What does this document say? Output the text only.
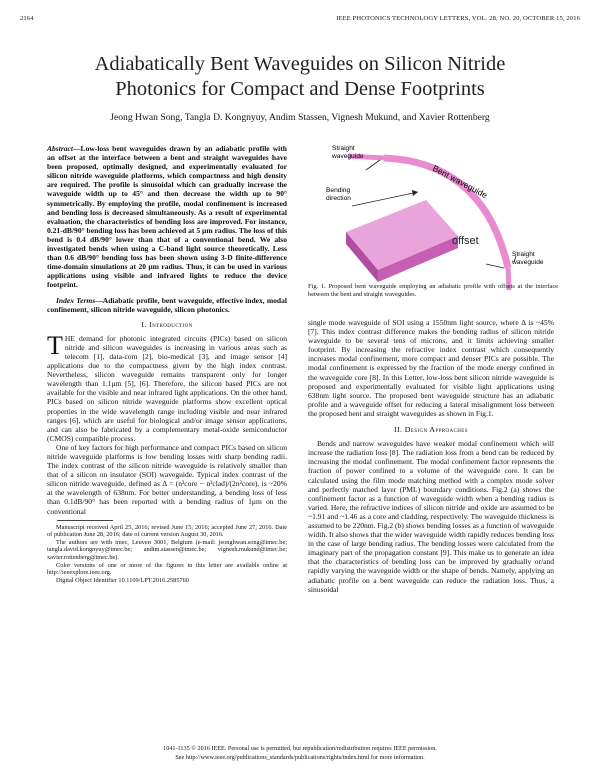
2164	IEEE PHOTONICS TECHNOLOGY LETTERS, VOL. 28, NO. 20, OCTOBER 15, 2016
Adiabatically Bent Waveguides on Silicon Nitride
Photonics for Compact and Dense Footprints
Jeong Hwan Song, Tangla D. Kongnyuy, Andim Stassen, Vignesh Mukund, and Xavier Rottenberg

Abstract—Low-loss bent waveguides drawn by an adiabatic profile with an offset at the interface between a bent and straight waveguides have been proposed, optimally designed, and experimentally evaluated for silicon nitride waveguide platforms, which compactness and high density are required. The profile is sinusoidal which can gradually increase the waveguide width up to 45° and then decrease the width up to 90° symmetrically. By employing the profile, modal confinement is increased and bending loss is decreased simultaneously. As a result of experimental evaluation, the characteristics of bending loss are improved. For instance, 0.21-dB/90° bending loss has been achieved at 5 μm radius. The loss of this bend is 0.4 dB/90° lower than that of a conventional bend. We also investigated bends when using a C-band light source theoretically. Less than 0.6 dB/90° bending loss has been shown using 3-D finite-difference time-domain simulations at 20 μm radius. Thus, it can be used in various applications using visible and infrared lights to reduce the device footprint.

Index Terms—Adiabatic profile, bent waveguide, effective index, modal confinement, silicon nitride waveguide, silicon photonics.

I. Introduction

THE demand for photonic integrated circuits (PICs) based on silicon nitride and silicon waveguides is increasing in various areas such as telecom [1], data-com [2], bio-medical [3], and image sensor [4] applications due to the compactness given by the high index contrast. Nevertheless, silicon waveguide remains transparent only for longer wavelength than 1.1μm [5], [6]. Therefore, the silicon based PICs are not available for the visible and near infrared light applications. On the other hand, PICs based on silicon nitride waveguide platforms show excellent optical properties in the wide wavelength range including visible and near infrared ranges [6], which are useful for biological and/or image sensor applications, and can also be fabricated by a complementary metal-oxide semiconductor (CMOS) compatible process.

One of key factors for high performance and compact PICs based on silicon nitride waveguide platforms is low bending losses with sharp bending radii. The index contrast of the silicon nitride waveguide is relatively smaller than that of a silicon on insulator (SOI) waveguide. Typical index contrast of the silicon nitride waveguide, defined as Δ = (n²core − n²clad)/(2n²core), is ~20% at the wavelength of 638nm. For better understanding, a bending loss of less than 0.1dB/90° has been reported with a bending radius of 1μm on the conventional

Manuscript received April 25, 2016; revised June 15, 2016; accepted June 27, 2016. Date of publication June 28, 2016; date of current version August 30, 2016.

The authors are with imec, Leuven 3001, Belgium (e-mail: jeonghwan.song@imec.be; tangla.david.kongnyuy@imec.be; andim.stassen@imec.be; vignesh.mukund@imec.be; xavier.rottenberg@imec.be).

Color versions of one or more of the figures in this letter are available online at http://ieeexplore.ieee.org.

Digital Object Identifier 10.1109/LPT.2016.2585760

Straight
waveguide
Bent waveguide
Bending
direction
offset
Straight
waveguide
Fig. 1. Proposed bent waveguide employing an adiabatic profile with offsets at the interface between the bent and straight waveguides.

single mode waveguide of SOI using a 1550nm light source, where Δ is ~45% [7]. This index contrast difference makes the bending radius of silicon nitride waveguide to be several tens of microns, and it limits achieving smaller footprint. By increasing the refractive index contrast which consequently increases modal confinement, more compact and denser PICs are possible. The modal confinement is expressed by the fraction of the mode energy confined in the waveguide core [8]. In this Letter, low-loss bent silicon nitride waveguide is proposed and experimentally evaluated for visible light applications using 638nm light source. The proposed bent waveguide structure has an adiabatic profile and a waveguide offset for reducing a lateral misalignment loss between the proposed bent and straight waveguides as shown in Fig.1.

II. Design Approaches

Bends and narrow waveguides have weaker modal confinement which will increase the radiation loss [8]. The radiation loss from a bend can be reduced by increasing the modal confinement. The modal confinement factor represents the fraction of power confined to a volume of the waveguide core. It can be calculated using the film mode matching method with a complex mode solver and perfectly matched layer (PML) boundary conditions. Fig.2 (a) shows the confinement factor as a function of waveguide width when a bending radius is varied. Here, the refractive indices of silicon nitride and oxide are assumed to be ~1.91 and ~1.46 as a core and cladding, respectively. The waveguide thickness is assumed to be 220nm. Fig.2 (b) shows bending losses as a function of waveguide width. It also shows that the wider waveguide width rapidly reduces bending loss in the case of large bending radius. The bending losses were calculated from the imaginary part of the propagation constant [9]. This make us to generate an idea that the characteristics of bending loss can be improved by gradually or/and rapidly varying the waveguide width or the shape of bends. Namely, applying an adiabatic profile on a bent waveguide can reduce the radiation loss. Thus, a sinusoidal

1041-1135 © 2016 IEEE. Personal use is permitted, but republication/redistribution requires IEEE permission.
See http://www.ieee.org/publications_standards/publications/rights/index.html for more information.
